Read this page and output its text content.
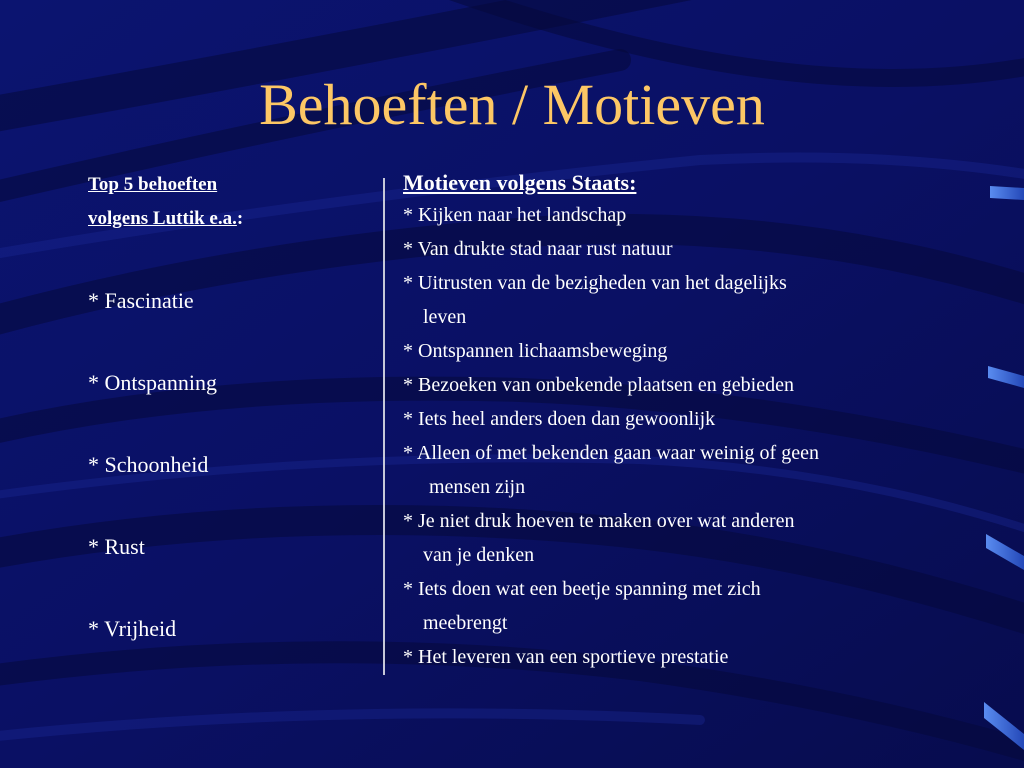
Behoeften / Motieven
Top 5 behoeften
volgens Luttik e.a.:
* Fascinatie
* Ontspanning
* Schoonheid
* Rust
* Vrijheid
Motieven volgens Staats:
* Kijken naar het landschap
* Van drukte stad naar rust natuur
* Uitrusten van de bezigheden van het dagelijks
leven
* Ontspannen lichaamsbeweging
* Bezoeken van onbekende plaatsen en gebieden
* Iets heel anders doen dan gewoonlijk
* Alleen of met bekenden gaan waar weinig of geen
mensen zijn
* Je niet druk hoeven te maken over wat anderen
van je denken
* Iets doen wat een beetje spanning met zich
meebrengt
* Het leveren van een sportieve prestatie
